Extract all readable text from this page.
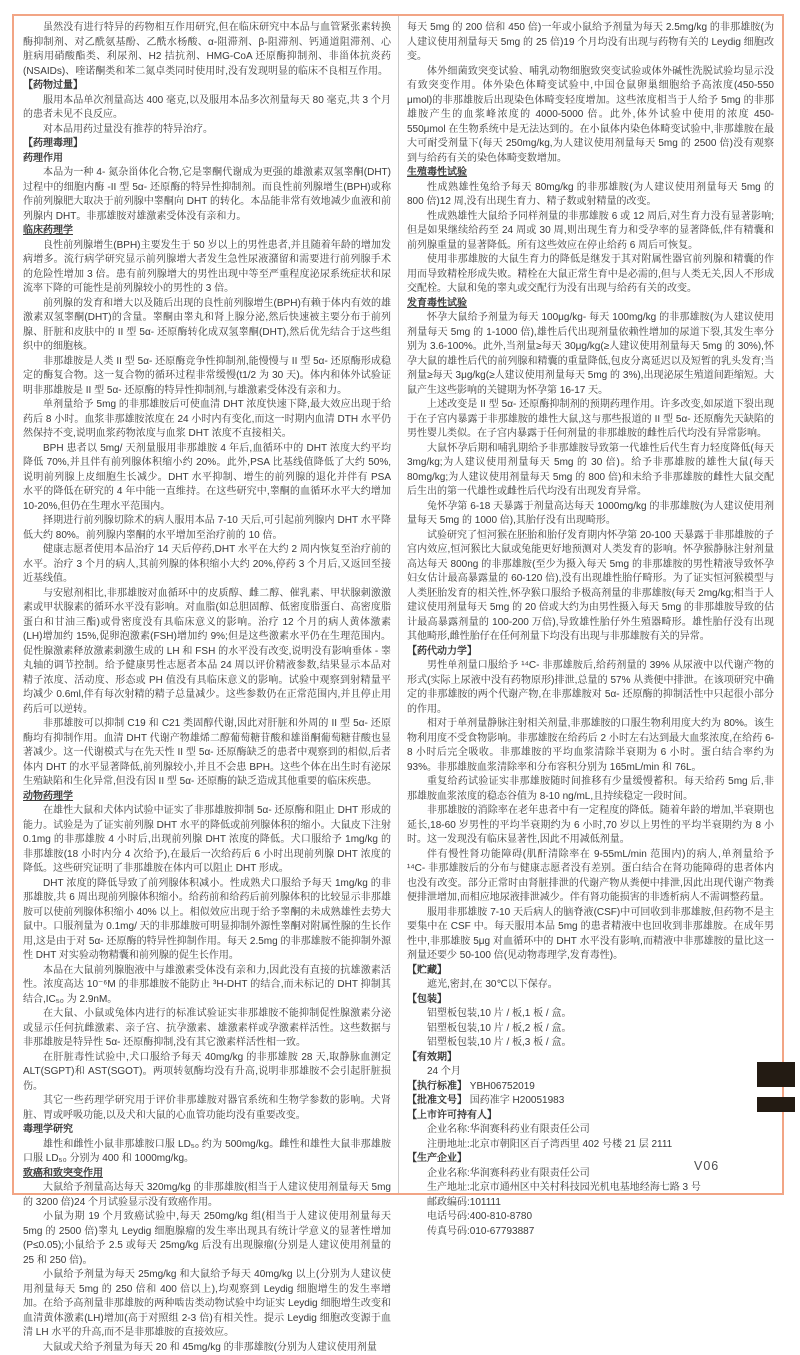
虽然没有进行特异的药物相互作用研究,但在临床研究中本品与血管紧张素转换酶抑制剂、对乙酰氨基酚、乙酰水杨酸、α-阻滞剂、β-阻滞剂、钙通道阻滞剂、心脏病用硝酸酯类、利尿剂、H2 拮抗剂、HMG-CoA 还原酶抑制剂、非甾体抗炎药(NSAIDs)、喹诺酮类和苯二氮卓类同时使用时,没有发现明显的临床不良相互作用。

【药物过量】

服用本品单次剂量高达 400 毫克,以及服用本品多次剂量每天 80 毫克,共 3 个月的患者未见不良反应。

对本品用药过量没有推荐的特异治疗。

【药理毒理】

药理作用

本品为一种 4- 氮杂甾体化合物,它是睾酮代谢成为更强的雄激素双氢睾酮(DHT)过程中的细胞内酶 -II 型 5α- 还原酶的特异性抑制剂。而良性前列腺增生(BPH)或称作前列腺肥大取决于前列腺中睾酮向 DHT 的转化。本品能非常有效地减少血液和前列腺内 DHT。非那雄胺对雄激素受体没有亲和力。

临床药理学

良性前列腺增生(BPH)主要发生于 50 岁以上的男性患者,并且随着年龄的增加发病增多。流行病学研究显示前列腺增大者发生急性尿液潴留和需要进行前列腺手术的危险性增加 3 倍。患有前列腺增大的男性出现中等至严重程度泌尿系统症状和尿流率下降的可能性是前列腺较小的男性的 3 倍。

前列腺的发育和增大以及随后出现的良性前列腺增生(BPH)有赖于体内有效的雄激素双氢睾酮(DHT)的含量。睾酮由睾丸和肾上腺分泌,然后快速被主要分布于前列腺、肝脏和皮肤中的 II 型 5α- 还原酶转化成双氢睾酮(DHT),然后优先结合于这些组织中的细胞核。

非那雄胺是人类 II 型 5α- 还原酶竞争性抑制剂,能慢慢与 II 型 5α- 还原酶形成稳定的酶复合物。这一复合物的循环过程非常缓慢(t1/2 为 30 天)。体内和体外试验证明非那雄胺是 II 型 5α- 还原酶的特异性抑制剂,与雄激素受体没有亲和力。

单剂量给予 5mg 的非那雄胺后可使血清 DHT 浓度快速下降,最大效应出现于给药后 8 小时。血浆非那雄胺浓度在 24 小时内有变化,而这一时期内血清 DTH 水平仍然保持不变,说明血浆药物浓度与血浆 DHT 浓度不直接相关。

BPH 患者以 5mg/ 天剂量服用非那雄胺 4 年后,血循环中的 DHT 浓度大约平均降低 70%,并且伴有前列腺体积缩小约 20%。此外,PSA 比基线值降低了大约 50%,说明前列腺上皮细胞生长减少。DHT 水平抑制、增生的前列腺的退化并伴有 PSA 水平的降低在研究的 4 年中能一直维持。在这些研究中,睾酮的血循环水平大约增加 10-20%,但仍在生理水平范围内。

择期进行前列腺切除术的病人服用本品 7-10 天后,可引起前列腺内 DHT 水平降低大约 80%。前列腺内睾酮的水平增加至治疗前的 10 倍。

健康志愿者使用本品治疗 14 天后停药,DHT 水平在大约 2 周内恢复至治疗前的水平。治疗 3 个月的病人,其前列腺的体积缩小大约 20%,停药 3 个月后,又返回至接近基线值。

与安慰剂相比,非那雄胺对血循环中的皮质醇、雌二醇、催乳素、甲状腺刺激激素或甲状腺素的循环水平没有影响。对血脂(如总胆固醇、低密度脂蛋白、高密度脂蛋白和甘油三酯)或骨密度没有具临床意义的影响。治疗 12 个月的病人黄体激素(LH)增加约 15%,促卵泡激素(FSH)增加约 9%;但是这些激素水平仍在生理范围内。促性腺激素释放激素刺激生成的 LH 和 FSH 的水平没有改变,说明没有影响垂体 - 睾丸轴的调节控制。给予健康男性志愿者本品 24 周以评价精液参数,结果显示本品对精子浓度、活动度、形态或 PH 值没有具临床意义的影响。试验中观察到射精量平均减少 0.6ml,伴有每次射精的精子总量减少。这些参数仍在正常范围内,并且停止用药后可以逆转。

非那雄胺可以抑制 C19 和 C21 类固醇代谢,因此对肝脏和外周的 II 型 5α- 还原酶均有抑制作用。血清 DHT 代谢产物雄烯二醇葡萄糖苷酸和雄甾酮葡萄糖苷酸也显著减少。这一代谢模式与在先天性 II 型 5α- 还原酶缺乏的患者中观察到的相似,后者体内 DHT 的水平显著降低,前列腺较小,并且不会患 BPH。这些个体在出生时有泌尿生殖缺陷和生化异常,但没有因 II 型 5α- 还原酶的缺乏造成其他重要的临床疾患。

动物药理学

在雄性大鼠和犬体内试验中证实了非那雄胺抑制 5α- 还原酶和阻止 DHT 形成的能力。试验是为了证实前列腺 DHT 水平的降低或前列腺体积的缩小。大鼠皮下注射 0.1mg 的非那雄胺 4 小时后,出现前列腺 DHT 浓度的降低。犬口服给予 1mg/kg 的非那雄胺(18 小时内分 4 次给予),在最后一次给药后 6 小时出现前列腺 DHT 浓度的降低。这些研究证明了非那雄胺在体内可以阻止 DHT 形成。

DHT 浓度的降低导致了前列腺体积减小。性成熟犬口服给予每天 1mg/kg 的非那雄胺,共 6 周出现前列腺体积缩小。给药前和给药后前列腺体积的比较显示非那雄胺可以使前列腺体积缩小 40% 以上。相似效应出现于给予睾酮的未成熟雄性去势大鼠中。口服剂量为 0.1mg/ 天的非那雄胺可明显抑制外源性睾酮对附属性腺的生长作用,这是由于对 5α- 还原酶的特异性抑制作用。每天 2.5mg 的非那雄胺不能抑制外源性 DHT 对实验动物精囊和前列腺的促生长作用。

本品在大鼠前列腺胞液中与雄激素受体没有亲和力,因此没有直接的抗雄激素活性。浓度高达 10⁻⁶M 的非那雄胺不能防止 ³H-DHT 的结合,而未标记的 DHT 抑制其结合,IC₅₀ 为 2.9nM。

在大鼠、小鼠或兔体内进行的标准试验证实非那雄胺不能抑制促性腺激素分泌或显示任何抗雌激素、亲子宫、抗孕激素、雄激素样或孕激素样活性。这些数据与非那雄胺是特异性 5α- 还原酶抑制,没有其它激素样活性相一致。

在肝脏毒性试验中,犬口服给予每天 40mg/kg 的非那雄胺 28 天,取静脉血测定 ALT(SGPT)和 AST(SGOT)。两项转氨酶均没有升高,说明非那雄胺不会引起肝脏损伤。

其它一些药理学研究用于评价非那雄胺对器官系统和生物学参数的影响。犬肾脏、胃或呼吸功能,以及犬和大鼠的心血管功能均没有重要改变。

毒理学研究

雄性和雌性小鼠非那雄胺口服 LD₅₀ 约为 500mg/kg。雌性和雄性大鼠非那雄胺口服 LD₅₀ 分别为 400 和 1000mg/kg。

致癌和致突变作用

大鼠给予剂量高达每天 320mg/kg 的非那雄胺(相当于人建议使用剂量每天 5mg 的 3200 倍)24 个月试验显示没有致癌作用。

小鼠为期 19 个月致癌试验中,每天 250mg/kg 组(相当于人建议使用剂量每天 5mg 的 2500 倍)睾丸 Leydig 细胞腺瘤的发生率出现具有统计学意义的显著性增加(P≤0.05);小鼠给予 2.5 或每天 25mg/kg 后没有出现腺瘤(分别是人建议使用剂量的 25 和 250 倍)。

小鼠给予剂量为每天 25mg/kg 和大鼠给予每天 40mg/kg 以上(分别为人建议使用剂量每天 5mg 的 250 倍和 400 倍以上),均观察到 Leydig 细胞增生的发生率增加。在给予高剂量非那雄胺的两种啮齿类动物试验中均证实 Leydig 细胞增生改变和血清黄体激素(LH)增加(高于对照组 2-3 倍)有相关性。提示 Leydig 细胞改变源于血清 LH 水平的升高,而不是非那雄胺的直接效应。

大鼠或犬给予剂量为每天 20 和 45mg/kg 的非那雄胺(分别为人建议使用剂量

每天 5mg 的 200 倍和 450 倍)一年或小鼠给予剂量为每天 2.5mg/kg 的非那雄胺(为人建议使用剂量每天 5mg 的 25 倍)19 个月均没有出现与药物有关的 Leydig 细胞改变。

体外细菌致突变试验、哺乳动物细胞致突变试验或体外碱性洗脱试验均显示没有致突变作用。体外染色体畸变试验中,中国仓鼠卵巢细胞给予高浓度(450-550 μmol)的非那雄胺后出现染色体畸变轻度增加。这些浓度相当于人给予 5mg 的非那雄胺产生的血浆峰浓度的 4000-5000 倍。此外,体外试验中使用的浓度 450-550μmol 在生物系统中是无法达到的。在小鼠体内染色体畸变试验中,非那雄胺在最大可耐受剂量下(每天 250mg/kg,为人建议使用剂量每天 5mg 的 2500 倍)没有观察到与给药有关的染色体畸变数增加。

生殖毒性试验

性成熟雄性兔给予每天 80mg/kg 的非那雄胺(为人建议使用剂量每天 5mg 的 800 倍)12 周,没有出现生育力、精子数或射精量的改变。

性成熟雄性大鼠给予同样剂量的非那雄胺 6 或 12 周后,对生育力没有显著影响;但是如果继续给药至 24 周或 30 周,则出现生育力和受孕率的显著降低,伴有精囊和前列腺重量的显著降低。所有这些效应在停止给药 6 周后可恢复。

使用非那雄胺的大鼠生育力的降低是继发于其对附属性器官前列腺和精囊的作用而导致精栓形成失败。精栓在大鼠正常生育中是必需的,但与人类无关,因人不形成交配栓。大鼠和兔的睾丸或交配行为没有出现与给药有关的改变。

发育毒性试验

怀孕大鼠给予剂量为每天 100μg/kg- 每天 100mg/kg 的非那雄胺(为人建议使用剂量每天 5mg 的 1-1000 倍),雄性后代出现剂量依赖性增加的尿道下裂,其发生率分别为 3.6-100%。此外,当剂量≥每天 30μg/kg(≥人建议使用剂量每天 5mg 的 30%),怀孕大鼠的雄性后代的前列腺和精囊的重量降低,包皮分离延迟以及短暂的乳头发育;当剂量≥每天 3μg/kg(≥人建议使用剂量每天 5mg 的 3%),出现泌尿生殖道间距缩短。大鼠产生这些影响的关键期为怀孕第 16-17 天。

上述改变是 II 型 5α- 还原酶抑制剂的预期药理作用。许多改变,如尿道下裂出现于在子宫内暴露于非那雄胺的雄性大鼠,这与那些报道的 II 型 5α- 还原酶先天缺陷的男性婴儿类似。在子宫内暴露于任何剂量的非那雄胺的雌性后代均没有异常影响。

大鼠怀孕后期和哺乳期给予非那雄胺导致第一代雄性后代生育力轻度降低(每天 3mg/kg;为人建议使用剂量每天 5mg 的 30 倍)。给予非那雄胺的雄性大鼠(每天 80mg/kg;为人建议使用剂量每天 5mg 的 800 倍)和未给予非那雄胺的雌性大鼠交配后生出的第一代雄性或雌性后代均没有出现发育异常。

兔怀孕第 6-18 天暴露于剂量高达每天 1000mg/kg 的非那雄胺(为人建议使用剂量每天 5mg 的 1000 倍),其胎仔没有出现畸形。

试验研究了恒河猴在胚胎和胎仔发育期内怀孕第 20-100 天暴露于非那雄胺的子宫内效应,恒河猴比大鼠或兔能更好地预测对人类发育的影响。怀孕猴静脉注射剂量高达每天 800ng 的非那雄胺(至少为摄入每天 5mg 的非那雄胺的男性精液导致怀孕妇女估计最高暴露量的 60-120 倍),没有出现雄性胎仔畸形。为了证实恒河猴模型与人类胚胎发育的相关性,怀孕猴口服给予极高剂量的非那雄胺(每天 2mg/kg;相当于人建议使用剂量每天 5mg 的 20 倍或大约为由男性摄入每天 5mg 的非那雄胺导致的估计最高暴露剂量的 100-200 万倍),导致雄性胎仔外生殖器畸形。雄性胎仔没有出现其他畸形,雌性胎仔在任何剂量下均没有出现与非那雄胺有关的异常。

【药代动力学】

男性单剂量口服给予 ¹⁴C- 非那雄胺后,给药剂量的 39% 从尿液中以代谢产物的形式(实际上尿液中没有药物原形)排泄,总量的 57% 从粪便中排泄。在该项研究中确定的非那雄胺的两个代谢产物,在非那雄胺对 5α- 还原酶的抑制活性中只起很小部分的作用。

相对于单剂量静脉注射相关剂量,非那雄胺的口服生物利用度大约为 80%。该生物利用度不受食物影响。非那雄胺在给药后 2 小时左右达到最大血浆浓度,在给药 6-8 小时后完全吸收。非那雄胺的平均血浆清除半衰期为 6 小时。蛋白结合率约为 93%。非那雄胺血浆清除率和分布容积分别为 165mL/min 和 76L。

重复给药试验证实非那雄胺随时间推移有少量缓慢蓄积。每天给药 5mg 后,非那雄胺血浆浓度的稳态谷值为 8-10 ng/mL,且持续稳定一段时间。

非那雄胺的消除率在老年患者中有一定程度的降低。随着年龄的增加,半衰期也延长,18-60 岁男性的平均半衰期约为 6 小时,70 岁以上男性的平均半衰期约为 8 小时。这一发现没有临床显著性,因此不用减低剂量。

伴有慢性肾功能障碍(肌酐清除率在 9-55mL/min 范围内)的病人,单剂量给予 ¹⁴C- 非那雄胺后的分布与健康志愿者没有差别。蛋白结合在肾功能障碍的患者体内也没有改变。部分正常时由肾脏排泄的代谢产物从粪便中排泄,因此出现代谢产物粪便排泄增加,而相应地尿液排泄减少。伴有肾功能损害的非透析病人不需调整药量。

服用非那雄胺 7-10 天后病人的脑脊液(CSF)中可回收到非那雄胺,但药物不是主要集中在 CSF 中。每天服用本品 5mg 的患者精液中也回收到非那雄胺。在成年男性中,非那雄胺 5μg 对血循环中的 DHT 水平没有影响,而精液中非那雄胺的量比这一剂量还要少 50-100 倍(见动物毒理学,发育毒性)。

【贮藏】

遮光,密封,在 30℃以下保存。

【包装】

铝塑板包装,10 片 / 板,1 板 / 盒。

铝塑板包装,10 片 / 板,2 板 / 盒。

铝塑板包装,10 片 / 板,3 板 / 盒。

【有效期】

24 个月

【执行标准】 YBH06752019

【批准文号】 国药准字 H20051983

【上市许可持有人】

企业名称:华润赛科药业有限责任公司

注册地址:北京市朝阳区百子湾西里 402 号楼 21 层 2111

【生产企业】

企业名称:华润赛科药业有限责任公司

生产地址:北京市通州区中关村科技园光机电基地经海七路 3 号

邮政编码:101111

电话号码:400-810-8780

传真号码:010-67793887

V06
